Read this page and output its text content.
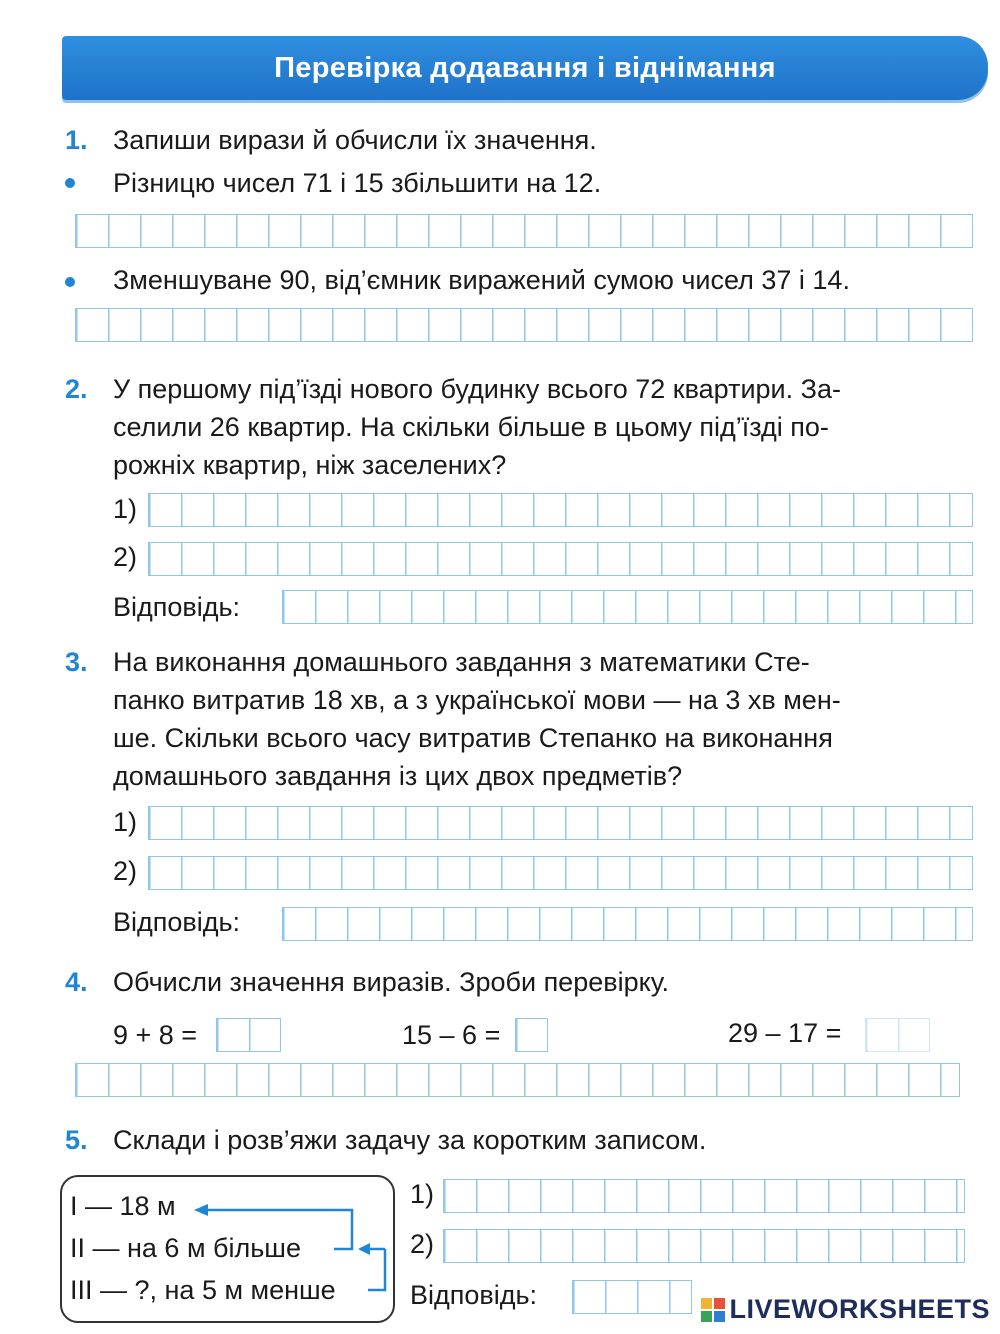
Перевірка додавання і віднімання
1. Запиши вирази й обчисли їх значення.
Різницю чисел 71 і 15 збільшити на 12.
Зменшуване 90, від’ємник виражений сумою чисел 37 і 14.
2. У першому під’їзді нового будинку всього 72 квартири. За-
селили 26 квартир. На скільки більше в цьому під’їзді по-
рожніх квартир, ніж заселених?
1)
2)
Відповідь:
3. На виконання домашнього завдання з математики Сте-
панко витратив 18 хв, а з української мови — на 3 хв мен-
ше. Скільки всього часу витратив Степанко на виконання
домашнього завдання із цих двох предметів?
1)
2)
Відповідь:
4. Обчисли значення виразів. Зроби перевірку.
9 + 8 =	15 – 6 =	29 – 17 =
5. Склади і розв’яжи задачу за коротким записом.
I — 18 м
II — на 6 м більше
III — ?, на 5 м менше
1)
2)
Відповідь:	LIVEWORKSHEETS
